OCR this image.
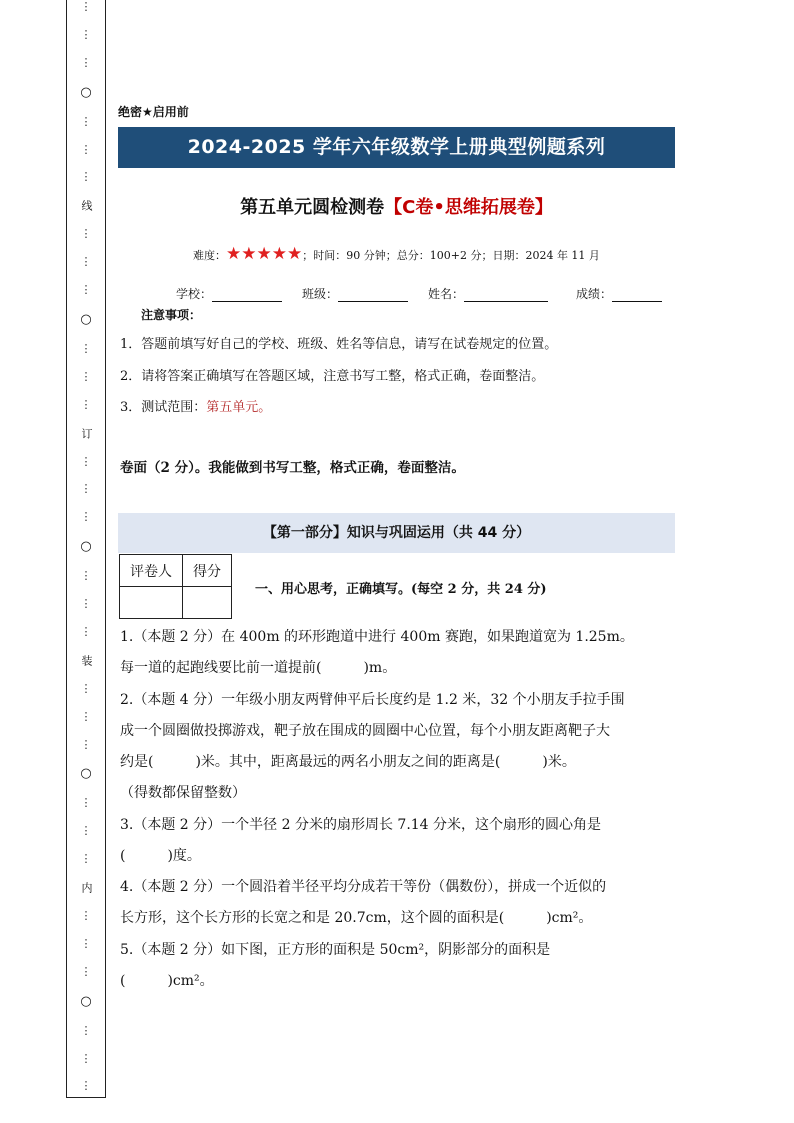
⋮
⋮
⋮
○
⋮
⋮
⋮
线
⋮
⋮
⋮
○
⋮
⋮
⋮
订
⋮
⋮
⋮
○
⋮
⋮
⋮
装
⋮
⋮
⋮
○
⋮
⋮
⋮
内
⋮
⋮
⋮
○
⋮
⋮
⋮
绝密★启用前
2024-2025 学年六年级数学上册典型例题系列
第五单元圆检测卷【C卷•思维拓展卷】
难度：★★★★★；时间：90 分钟；总分：100+2 分；日期：2024 年 11 月
学校：	班级：	姓名：	成绩：
注意事项：
1．答题前填写好自己的学校、班级、姓名等信息，请写在试卷规定的位置。
2．请将答案正确填写在答题区域，注意书写工整，格式正确，卷面整洁。
3．测试范围：第五单元。
卷面（2 分）。我能做到书写工整，格式正确，卷面整洁。
【第一部分】知识与巩固运用（共 44 分）
评卷人	得分

一、用心思考，正确填写。(每空 2 分，共 24 分)
1.（本题 2 分）在 400m 的环形跑道中进行 400m 赛跑，如果跑道宽为 1.25m。
每一道的起跑线要比前一道提前(　　　)m。
2.（本题 4 分）一年级小朋友两臂伸平后长度约是 1.2 米，32 个小朋友手拉手围
成一个圆圈做投掷游戏，靶子放在围成的圆圈中心位置，每个小朋友距离靶子大
约是(　　　)米。其中，距离最远的两名小朋友之间的距离是(　　　)米。
（得数都保留整数）
3.（本题 2 分）一个半径 2 分米的扇形周长 7.14 分米，这个扇形的圆心角是
(　　　)度。
4.（本题 2 分）一个圆沿着半径平均分成若干等份（偶数份），拼成一个近似的
长方形，这个长方形的长宽之和是 20.7cm，这个圆的面积是(　　　)cm²。
5.（本题 2 分）如下图，正方形的面积是 50cm²，阴影部分的面积是
(　　　)cm²。
